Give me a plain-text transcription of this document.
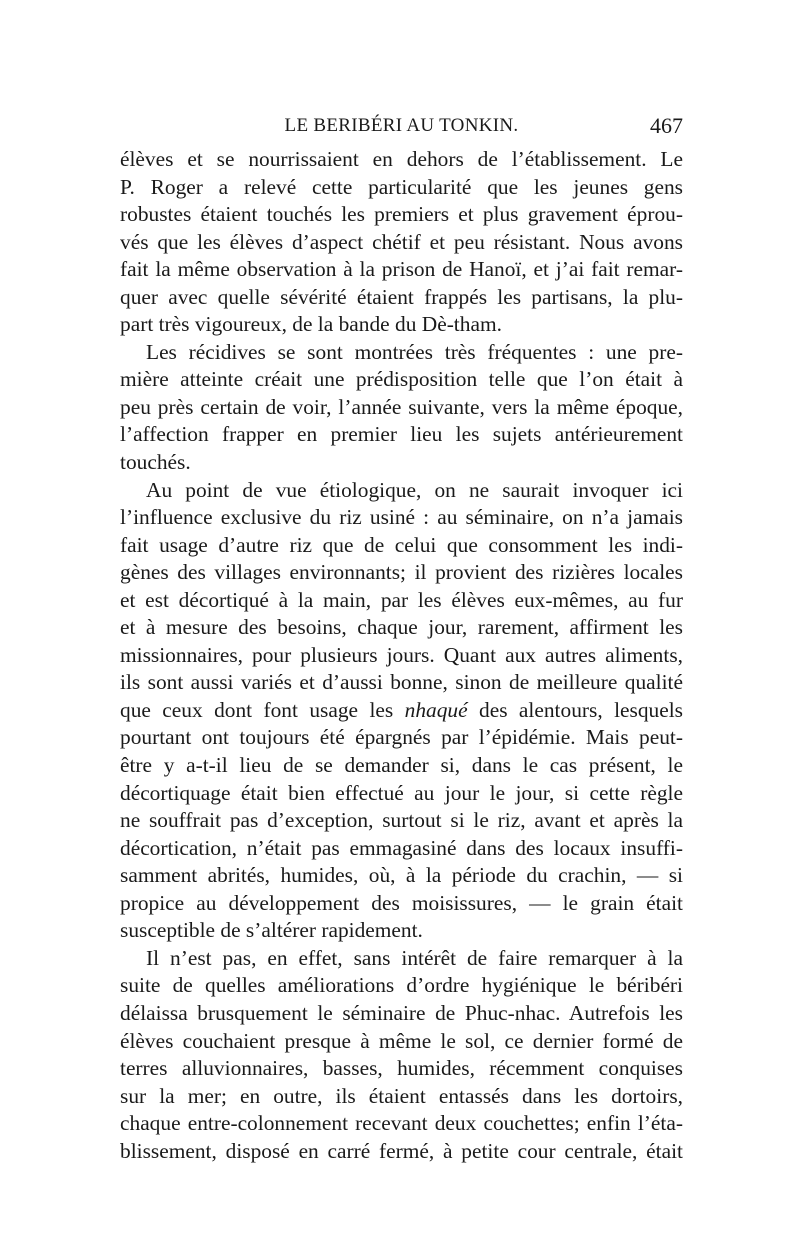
LE BERIBÉRI AU TONKIN.	467
élèves et se nourrissaient en dehors de l’établissement. Le
P. Roger a relevé cette particularité que les jeunes gens
robustes étaient touchés les premiers et plus gravement éprou-
vés que les élèves d’aspect chétif et peu résistant. Nous avons
fait la même observation à la prison de Hanoï, et j’ai fait remar-
quer avec quelle sévérité étaient frappés les partisans, la plu-
part très vigoureux, de la bande du Dè-tham.
Les récidives se sont montrées très fréquentes : une pre-
mière atteinte créait une prédisposition telle que l’on était à
peu près certain de voir, l’année suivante, vers la même époque,
l’affection frapper en premier lieu les sujets antérieurement
touchés.
Au point de vue étiologique, on ne saurait invoquer ici
l’influence exclusive du riz usiné : au séminaire, on n’a jamais
fait usage d’autre riz que de celui que consomment les indi-
gènes des villages environnants; il provient des rizières locales
et est décortiqué à la main, par les élèves eux-mêmes, au fur
et à mesure des besoins, chaque jour, rarement, affirment les
missionnaires, pour plusieurs jours. Quant aux autres aliments,
ils sont aussi variés et d’aussi bonne, sinon de meilleure qualité
que ceux dont font usage les nhaqué des alentours, lesquels
pourtant ont toujours été épargnés par l’épidémie. Mais peut-
être y a-t-il lieu de se demander si, dans le cas présent, le
décortiquage était bien effectué au jour le jour, si cette règle
ne souffrait pas d’exception, surtout si le riz, avant et après la
décortication, n’était pas emmagasiné dans des locaux insuffi-
samment abrités, humides, où, à la période du crachin, — si
propice au développement des moisissures, — le grain était
susceptible de s’altérer rapidement.
Il n’est pas, en effet, sans intérêt de faire remarquer à la
suite de quelles améliorations d’ordre hygiénique le béribéri
délaissa brusquement le séminaire de Phuc-nhac. Autrefois les
élèves couchaient presque à même le sol, ce dernier formé de
terres alluvionnaires, basses, humides, récemment conquises
sur la mer; en outre, ils étaient entassés dans les dortoirs,
chaque entre-colonnement recevant deux couchettes; enfin l’éta-
blissement, disposé en carré fermé, à petite cour centrale, était
